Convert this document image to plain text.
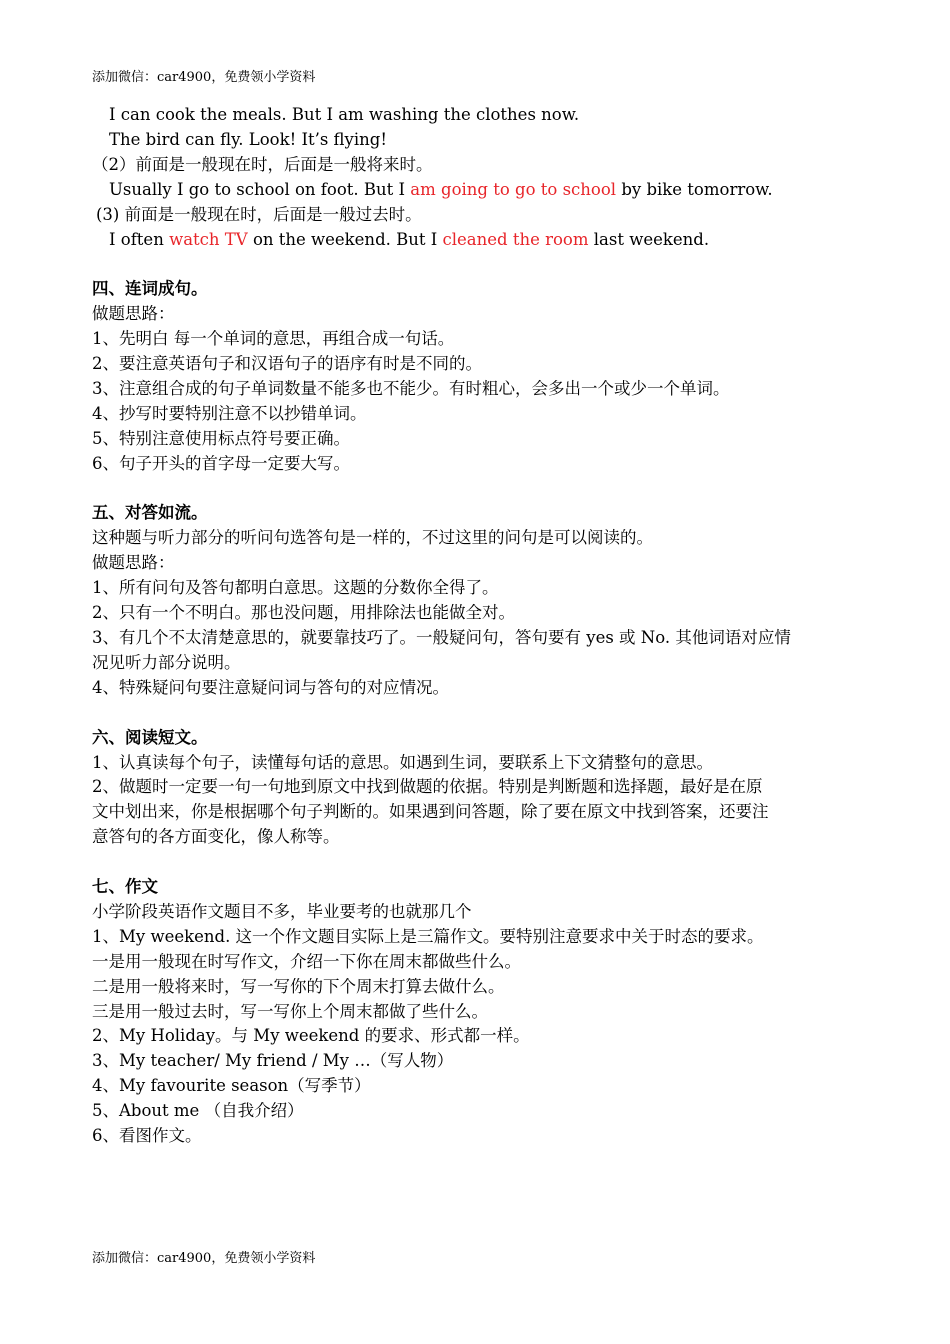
添加微信：car4900，免费领小学资料
I can cook the meals. But I am washing the clothes now.
The bird can fly. Look! It’s flying!
（2）前面是一般现在时，后面是一般将来时。
Usually I go to school on foot. But I am going to go to school by bike tomorrow.
(3) 前面是一般现在时，后面是一般过去时。
I often watch TV on the weekend. But I cleaned the room last weekend.
四、连词成句。
做题思路：
1、先明白 每一个单词的意思，再组合成一句话。
2、要注意英语句子和汉语句子的语序有时是不同的。
3、注意组合成的句子单词数量不能多也不能少。有时粗心，会多出一个或少一个单词。
4、抄写时要特别注意不以抄错单词。
5、特别注意使用标点符号要正确。
6、句子开头的首字母一定要大写。
五、对答如流。
这种题与听力部分的听问句选答句是一样的，不过这里的问句是可以阅读的。
做题思路：
1、所有问句及答句都明白意思。这题的分数你全得了。
2、只有一个不明白。那也没问题，用排除法也能做全对。
3、有几个不太清楚意思的，就要靠技巧了。一般疑问句，答句要有 yes 或 No. 其他词语对应情
况见听力部分说明。
4、特殊疑问句要注意疑问词与答句的对应情况。
六、阅读短文。
1、认真读每个句子，读懂每句话的意思。如遇到生词，要联系上下文猜整句的意思。
2、做题时一定要一句一句地到原文中找到做题的依据。特别是判断题和选择题，最好是在原
文中划出来，你是根据哪个句子判断的。如果遇到问答题，除了要在原文中找到答案，还要注
意答句的各方面变化，像人称等。
七、作文
小学阶段英语作文题目不多，毕业要考的也就那几个
1、My weekend. 这一个作文题目实际上是三篇作文。要特别注意要求中关于时态的要求。
一是用一般现在时写作文，介绍一下你在周末都做些什么。
二是用一般将来时，写一写你的下个周末打算去做什么。
三是用一般过去时，写一写你上个周末都做了些什么。
2、My Holiday。与 My weekend 的要求、形式都一样。
3、My teacher/ My friend / My …（写人物）
4、My favourite season（写季节）
5、About me （自我介绍）
6、看图作文。
添加微信：car4900，免费领小学资料
